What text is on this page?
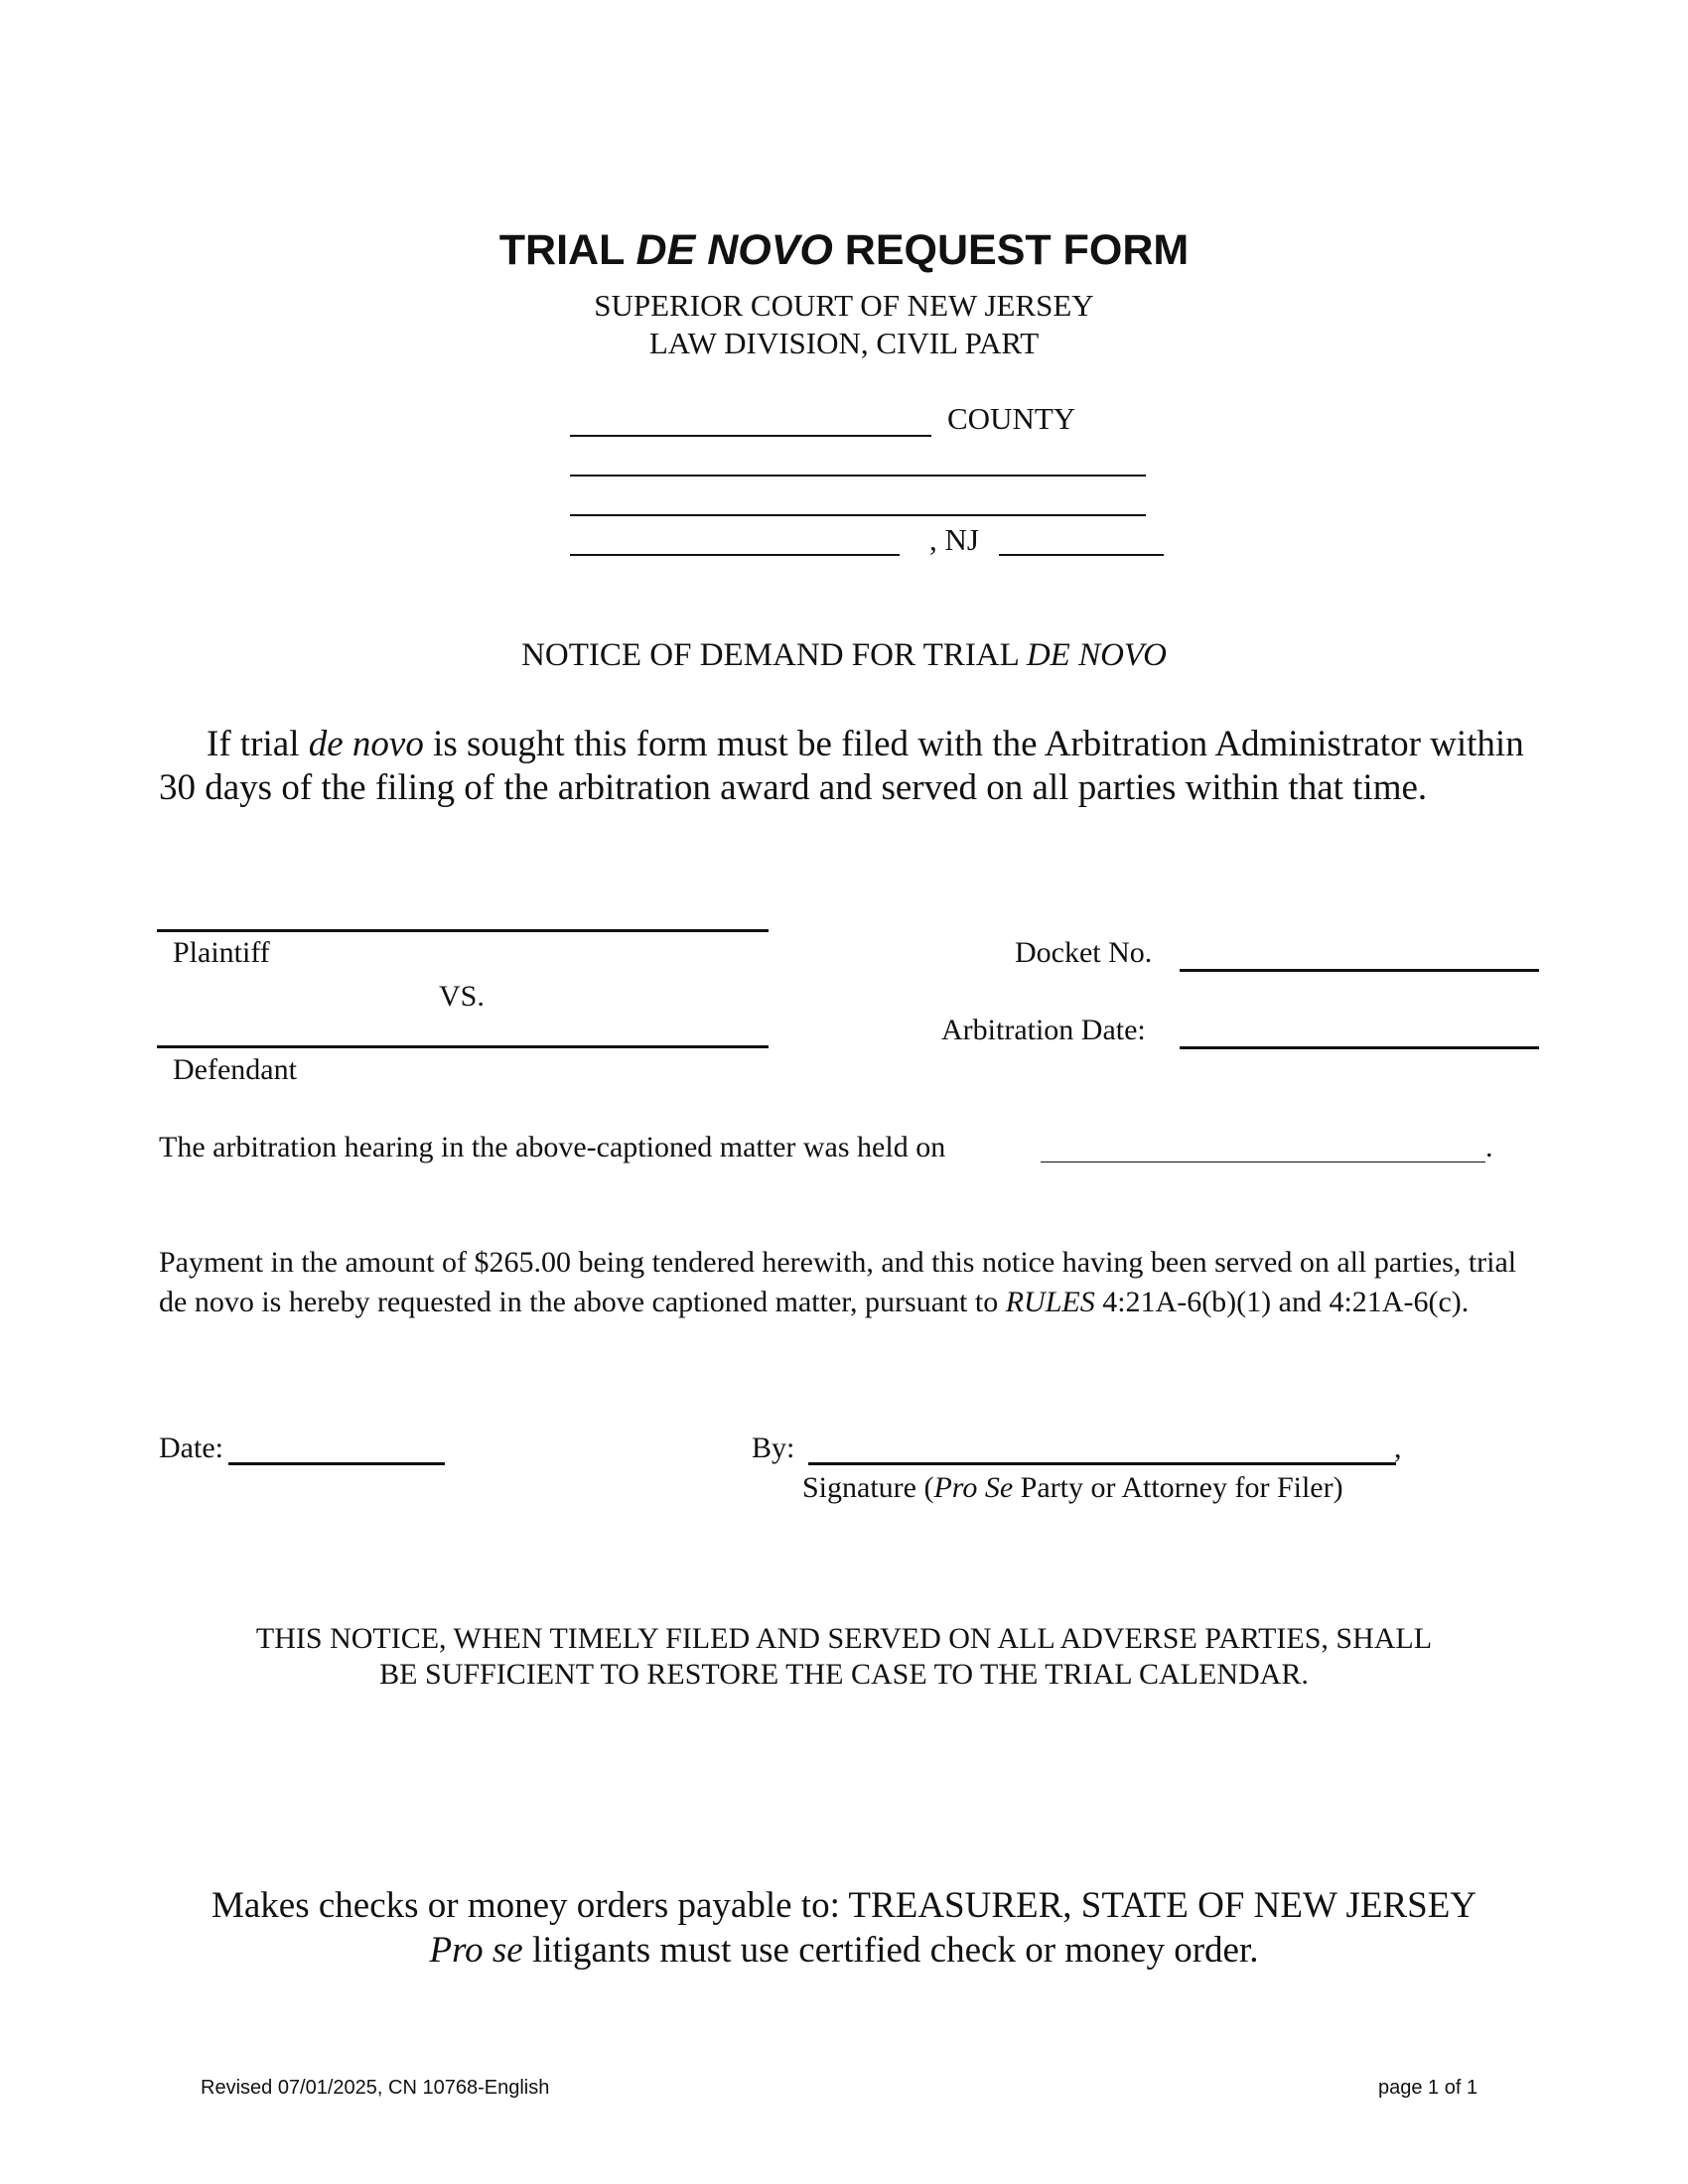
TRIAL DE NOVO REQUEST FORM
SUPERIOR COURT OF NEW JERSEY
LAW DIVISION, CIVIL PART
COUNTY
, NJ
NOTICE OF DEMAND FOR TRIAL DE NOVO
If trial de novo is sought this form must be filed with the Arbitration Administrator within 30 days of the filing of the arbitration award and served on all parties within that time.
Plaintiff
VS.
Defendant
Docket No.
Arbitration Date:
The arbitration hearing in the above-captioned matter was held on	.
Payment in the amount of $265.00 being tendered herewith, and this notice having been served on all parties, trial de novo is hereby requested in the above captioned matter, pursuant to RULES 4:21A-6(b)(1) and 4:21A-6(c).
Date:	By:	,
Signature (Pro Se Party or Attorney for Filer)
THIS NOTICE, WHEN TIMELY FILED AND SERVED ON ALL ADVERSE PARTIES, SHALL
BE SUFFICIENT TO RESTORE THE CASE TO THE TRIAL CALENDAR.
Makes checks or money orders payable to: TREASURER, STATE OF NEW JERSEY
Pro se litigants must use certified check or money order.
Revised 07/01/2025, CN 10768-English	page 1 of 1
